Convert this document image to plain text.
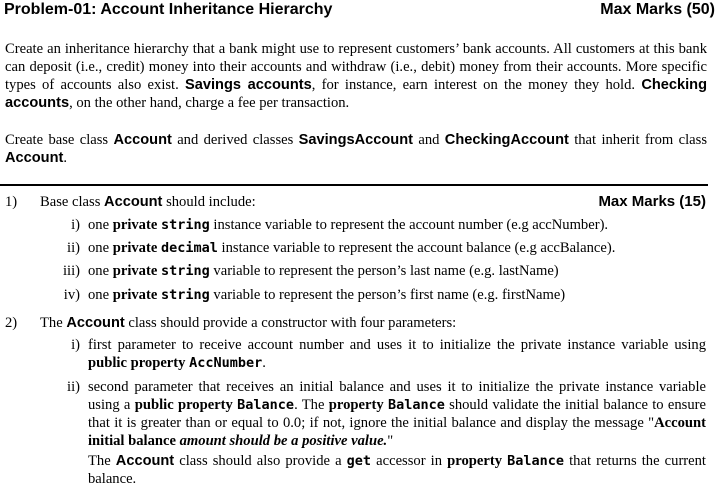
Problem-01: Account Inheritance Hierarchy	Max Marks (50)
Create an inheritance hierarchy that a bank might use to represent customers’ bank accounts. All customers at this bank can deposit (i.e., credit) money into their accounts and withdraw (i.e., debit) money from their accounts. More specific types of accounts also exist. Savings accounts, for instance, earn interest on the money they hold. Checking accounts, on the other hand, charge a fee per transaction.
Create base class Account and derived classes SavingsAccount and CheckingAccount that inherit from class Account.
1) Base class Account should include:	Max Marks (15)
i) one private string instance variable to represent the account number (e.g accNumber).
ii) one private decimal instance variable to represent the account balance (e.g accBalance).
iii) one private string variable to represent the person’s last name (e.g. lastName)
iv) one private string variable to represent the person’s first name (e.g. firstName)
2) The Account class should provide a constructor with four parameters:
i) first parameter to receive account number and uses it to initialize the private instance variable using public property AccNumber.
ii) second parameter that receives an initial balance and uses it to initialize the private instance variable using a public property Balance. The property Balance should validate the initial balance to ensure that it is greater than or equal to 0.0; if not, ignore the initial balance and display the message "Account initial balance amount should be a positive value."
The Account class should also provide a get accessor in property Balance that returns the current balance.
